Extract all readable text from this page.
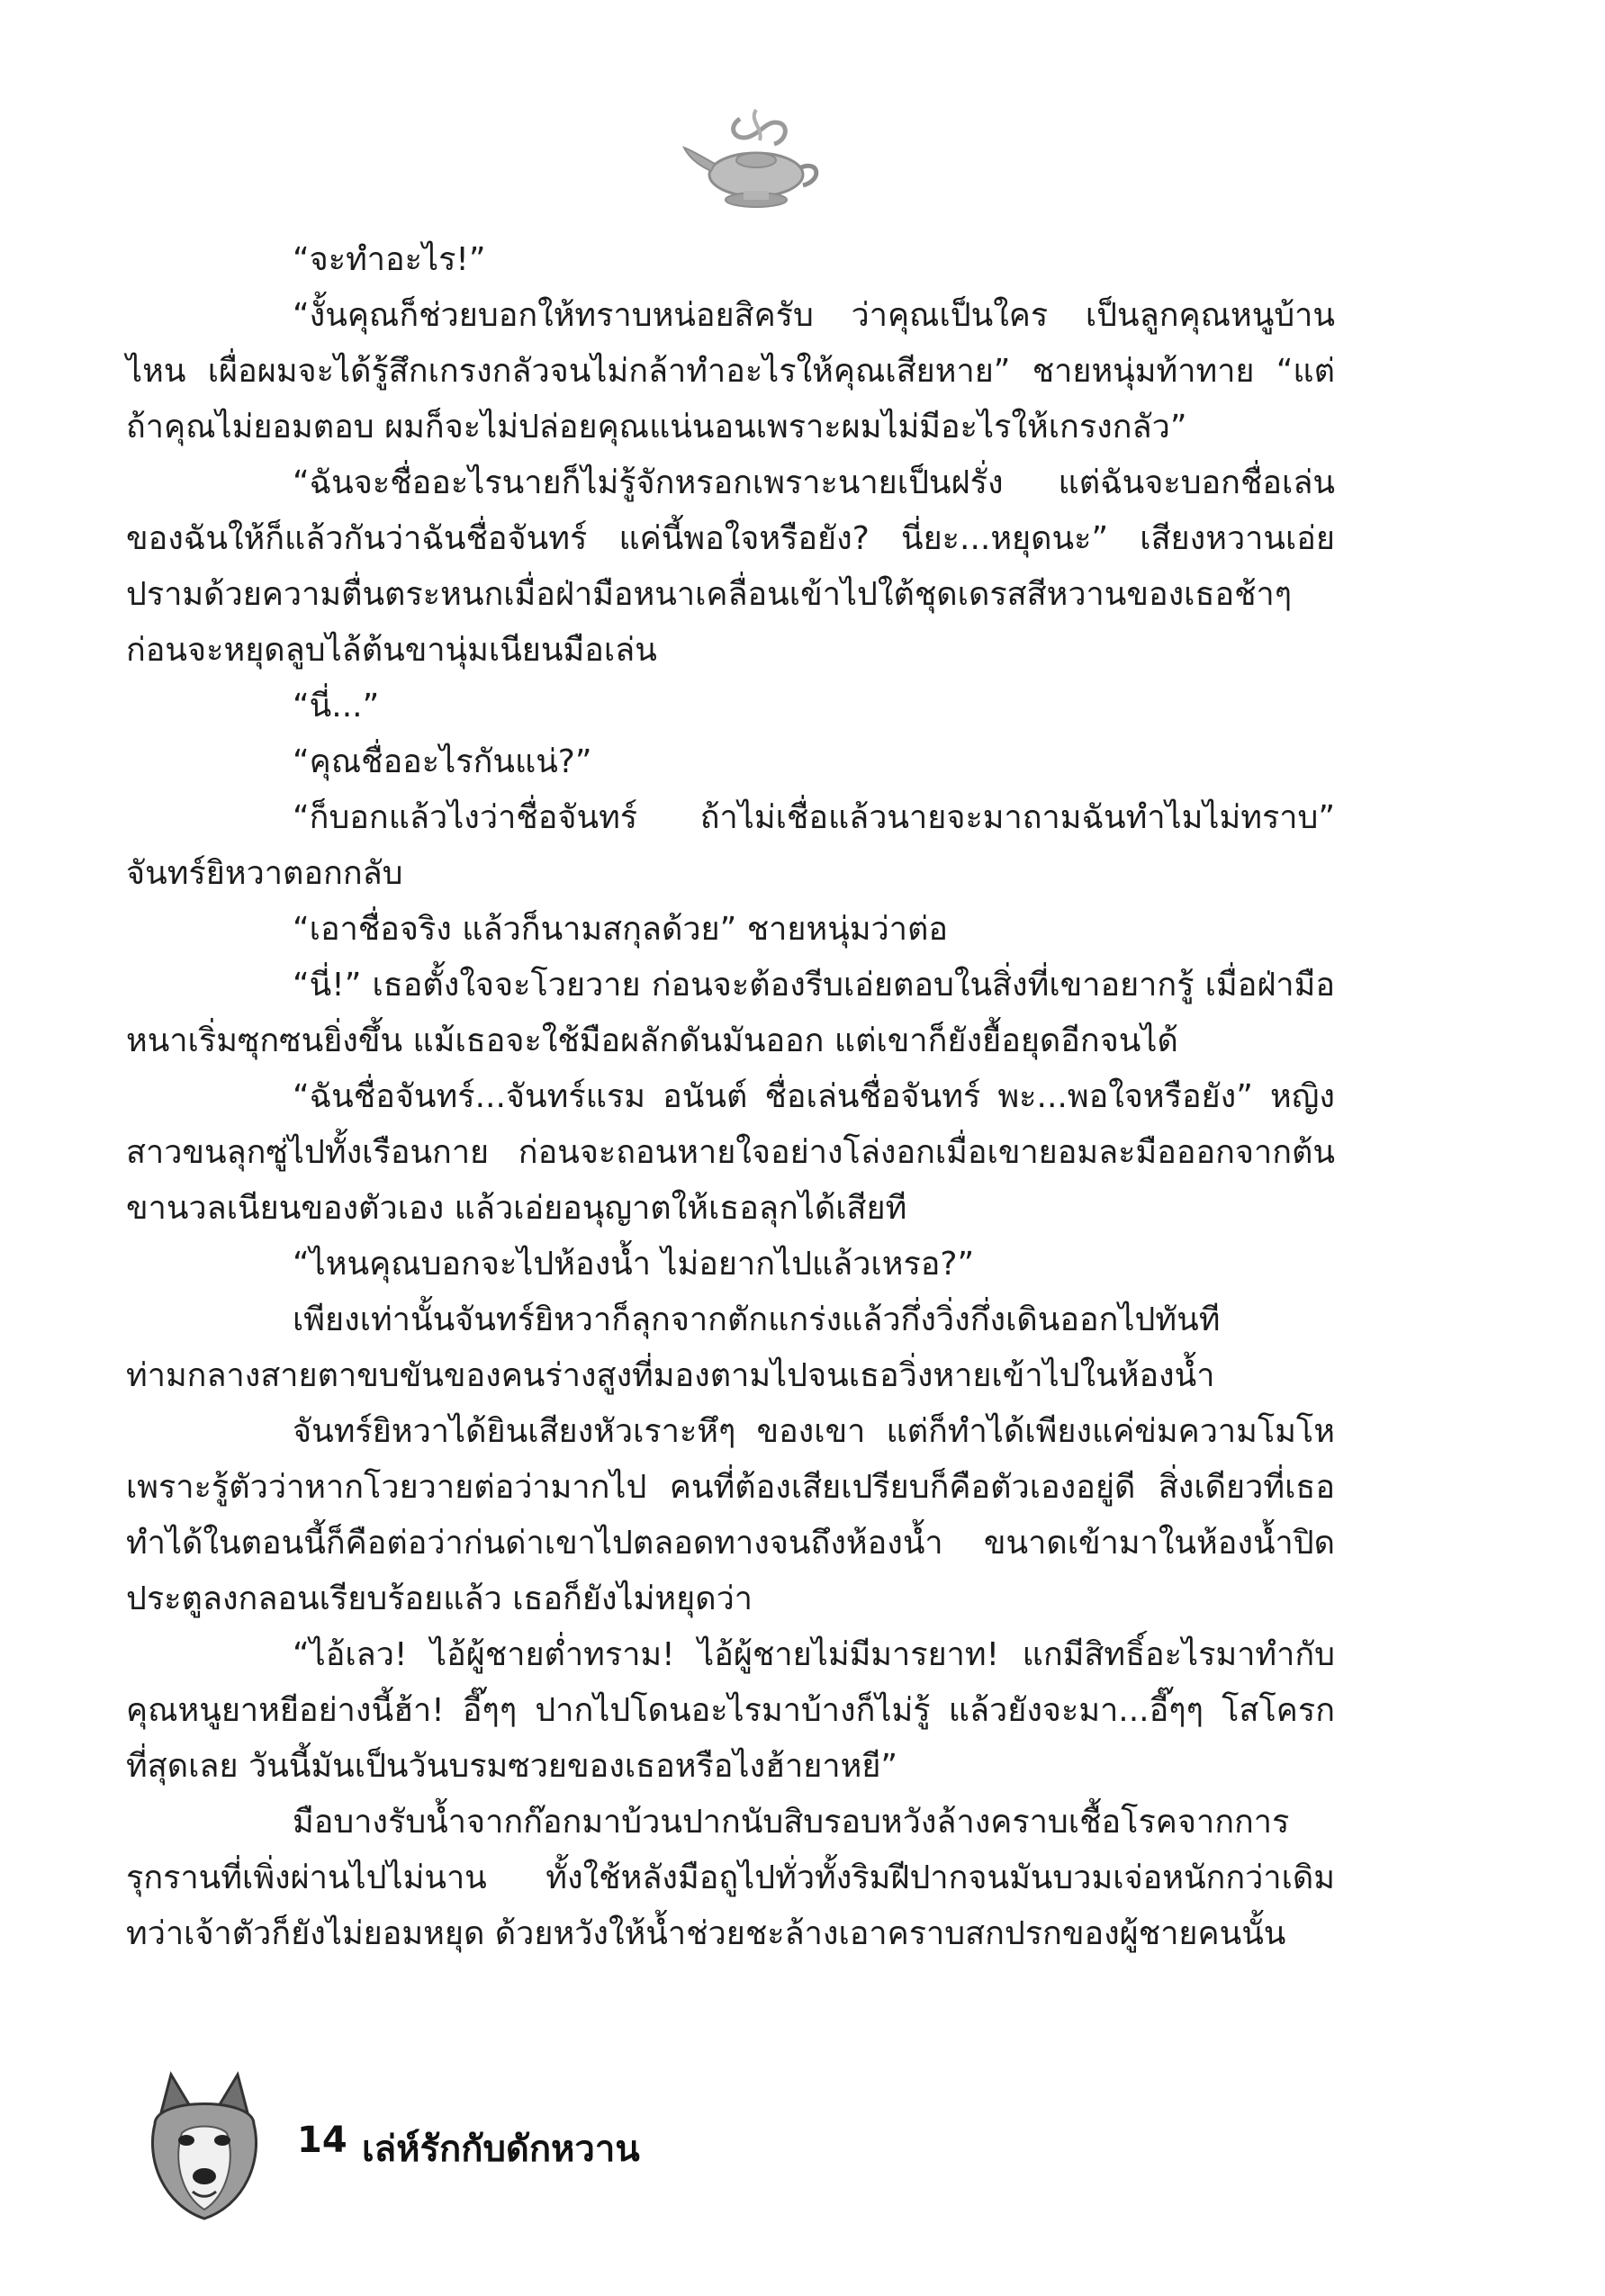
“จะทำอะไร!”

“งั้นคุณก็ช่วยบอกให้ทราบหน่อยสิครับ ว่าคุณเป็นใคร เป็นลูกคุณหนูบ้านไหน เผื่อผมจะได้รู้สึกเกรงกลัวจนไม่กล้าทำอะไรให้คุณเสียหาย” ชายหนุ่มท้าทาย “แต่ถ้าคุณไม่ยอมตอบ ผมก็จะไม่ปล่อยคุณแน่นอนเพราะผมไม่มีอะไรให้เกรงกลัว”

“ฉันจะชื่ออะไรนายก็ไม่รู้จักหรอกเพราะนายเป็นฝรั่ง แต่ฉันจะบอกชื่อเล่นของฉันให้ก็แล้วกันว่าฉันชื่อจันทร์ แค่นี้พอใจหรือยัง? นี่ยะ...หยุดนะ” เสียงหวานเอ่ยปรามด้วยความตื่นตระหนกเมื่อฝ่ามือหนาเคลื่อนเข้าไปใต้ชุดเดรสสีหวานของเธอช้าๆ ก่อนจะหยุดลูบไล้ต้นขานุ่มเนียนมือเล่น

“นี่...”

“คุณชื่ออะไรกันแน่?”

“ก็บอกแล้วไงว่าชื่อจันทร์ ถ้าไม่เชื่อแล้วนายจะมาถามฉันทำไมไม่ทราบ” จันทร์ยิหวาตอกกลับ

“เอาชื่อจริง แล้วก็นามสกุลด้วย” ชายหนุ่มว่าต่อ

“นี่!” เธอตั้งใจจะโวยวาย ก่อนจะต้องรีบเอ่ยตอบในสิ่งที่เขาอยากรู้ เมื่อฝ่ามือหนาเริ่มซุกซนยิ่งขึ้น แม้เธอจะใช้มือผลักดันมันออก แต่เขาก็ยังยื้อยุดอีกจนได้

“ฉันชื่อจันทร์...จันทร์แรม อนันต์ ชื่อเล่นชื่อจันทร์ พะ...พอใจหรือยัง” หญิงสาวขนลุกซู่ไปทั้งเรือนกาย ก่อนจะถอนหายใจอย่างโล่งอกเมื่อเขายอมละมือออกจากต้นขานวลเนียนของตัวเอง แล้วเอ่ยอนุญาตให้เธอลุกได้เสียที

“ไหนคุณบอกจะไปห้องน้ำ ไม่อยากไปแล้วเหรอ?”

เพียงเท่านั้นจันทร์ยิหวาก็ลุกจากตักแกร่งแล้วกึ่งวิ่งกึ่งเดินออกไปทันที ท่ามกลางสายตาขบขันของคนร่างสูงที่มองตามไปจนเธอวิ่งหายเข้าไปในห้องน้ำ

จันทร์ยิหวาได้ยินเสียงหัวเราะหึๆ ของเขา แต่ก็ทำได้เพียงแค่ข่มความโมโหเพราะรู้ตัวว่าหากโวยวายต่อว่ามากไป คนที่ต้องเสียเปรียบก็คือตัวเองอยู่ดี สิ่งเดียวที่เธอทำได้ในตอนนี้ก็คือต่อว่าก่นด่าเขาไปตลอดทางจนถึงห้องน้ำ ขนาดเข้ามาในห้องน้ำปิดประตูลงกลอนเรียบร้อยแล้ว เธอก็ยังไม่หยุดว่า

“ไอ้เลว! ไอ้ผู้ชายต่ำทราม! ไอ้ผู้ชายไม่มีมารยาท! แกมีสิทธิ์อะไรมาทำกับคุณหนูยาหยีอย่างนี้ฮ้า! อี๊ๆๆ ปากไปโดนอะไรมาบ้างก็ไม่รู้ แล้วยังจะมา...อี๊ๆๆ โสโครกที่สุดเลย วันนี้มันเป็นวันบรมซวยของเธอหรือไงฮ้ายาหยี”

มือบางรับน้ำจากก๊อกมาบ้วนปากนับสิบรอบหวังล้างคราบเชื้อโรคจากการรุกรานที่เพิ่งผ่านไปไม่นาน ทั้งใช้หลังมือถูไปทั่วทั้งริมฝีปากจนมันบวมเจ่อหนักกว่าเดิม ทว่าเจ้าตัวก็ยังไม่ยอมหยุด ด้วยหวังให้น้ำช่วยชะล้างเอาคราบสกปรกของผู้ชายคนนั้น

14 เล่ห์รักกับดักหวาน
